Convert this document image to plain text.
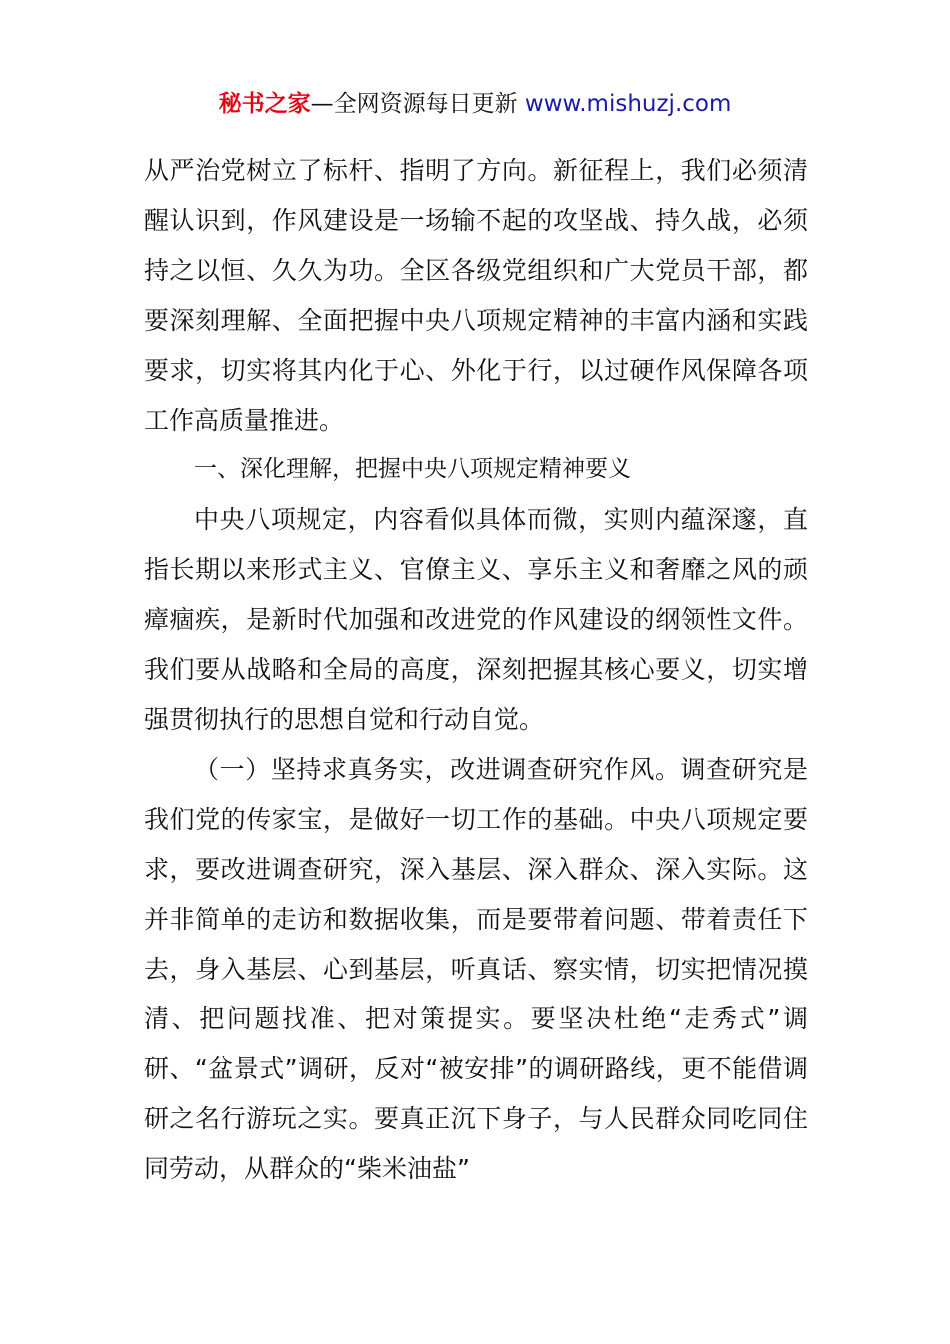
秘书之家—全网资源每日更新 www.mishuzj.com

从严治党树立了标杆、指明了方向。新征程上，我们必须清醒认识到，作风建设是一场输不起的攻坚战、持久战，必须持之以恒、久久为功。全区各级党组织和广大党员干部，都要深刻理解、全面把握中央八项规定精神的丰富内涵和实践要求，切实将其内化于心、外化于行，以过硬作风保障各项工作高质量推进。

一、深化理解，把握中央八项规定精神要义

中央八项规定，内容看似具体而微，实则内蕴深邃，直指长期以来形式主义、官僚主义、享乐主义和奢靡之风的顽瘴痼疾，是新时代加强和改进党的作风建设的纲领性文件。我们要从战略和全局的高度，深刻把握其核心要义，切实增强贯彻执行的思想自觉和行动自觉。

（一）坚持求真务实，改进调查研究作风。调查研究是我们党的传家宝，是做好一切工作的基础。中央八项规定要求，要改进调查研究，深入基层、深入群众、深入实际。这并非简单的走访和数据收集，而是要带着问题、带着责任下去，身入基层、心到基层，听真话、察实情，切实把情况摸清、把问题找准、把对策提实。要坚决杜绝“走秀式”调研、“盆景式”调研，反对“被安排”的调研路线，更不能借调研之名行游玩之实。要真正沉下身子，与人民群众同吃同住同劳动，从群众的“柴米油盐”
